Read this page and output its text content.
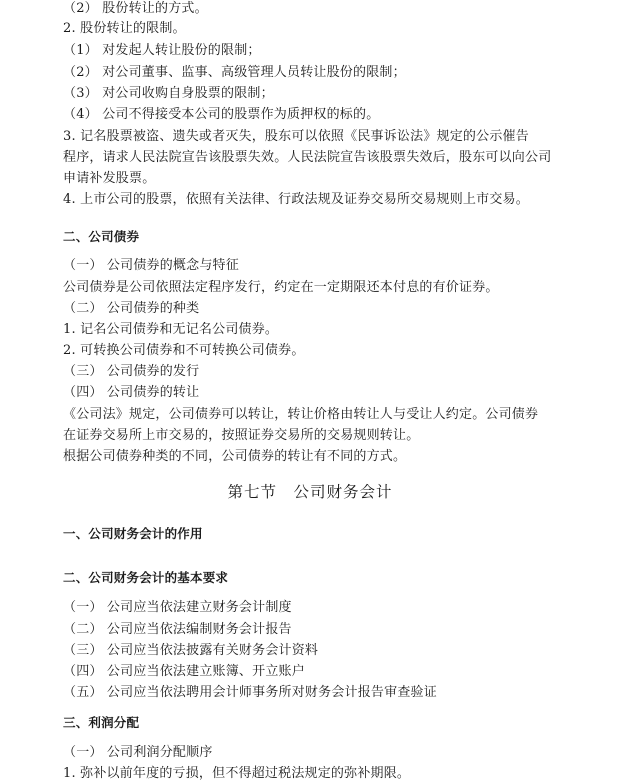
（2） 股份转让的方式。
2. 股份转让的限制。
（1） 对发起人转让股份的限制；
（2） 对公司董事、监事、高级管理人员转让股份的限制；
（3） 对公司收购自身股票的限制；
（4） 公司不得接受本公司的股票作为质押权的标的。
3. 记名股票被盗、遗失或者灭失，股东可以依照《民事诉讼法》规定的公示催告
程序，请求人民法院宣告该股票失效。人民法院宣告该股票失效后，股东可以向公司
申请补发股票。
4. 上市公司的股票，依照有关法律、行政法规及证券交易所交易规则上市交易。
二、公司债券
（一） 公司债券的概念与特征
公司债券是公司依照法定程序发行，约定在一定期限还本付息的有价证券。
（二） 公司债券的种类
1. 记名公司债券和无记名公司债券。
2. 可转换公司债券和不可转换公司债券。
（三） 公司债券的发行
（四） 公司债券的转让
《公司法》规定，公司债券可以转让，转让价格由转让人与受让人约定。公司债券
在证券交易所上市交易的，按照证券交易所的交易规则转让。
根据公司债券种类的不同，公司债券的转让有不同的方式。
第七节　公司财务会计
一、公司财务会计的作用
二、公司财务会计的基本要求
（一） 公司应当依法建立财务会计制度
（二） 公司应当依法编制财务会计报告
（三） 公司应当依法披露有关财务会计资料
（四） 公司应当依法建立账簿、开立账户
（五） 公司应当依法聘用会计师事务所对财务会计报告审查验证
三、利润分配
（一） 公司利润分配顺序
1. 弥补以前年度的亏损，但不得超过税法规定的弥补期限。
